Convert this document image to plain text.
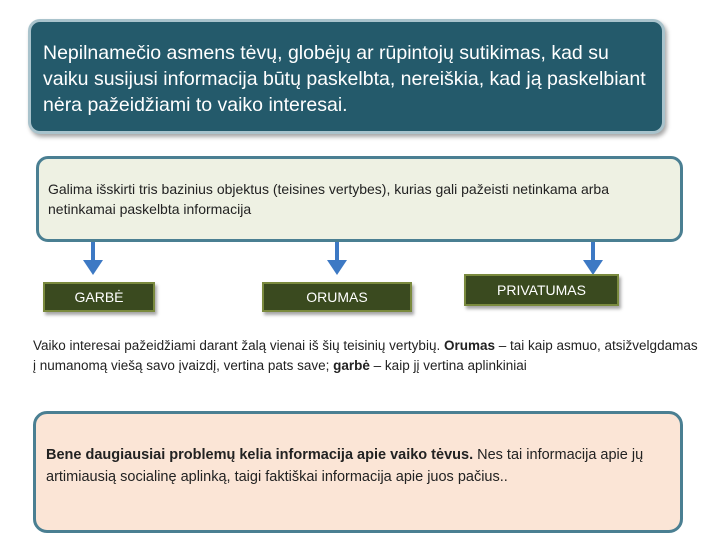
Nepilnamečio asmens tėvų, globėjų ar rūpintojų sutikimas, kad su vaiku susijusi informacija būtų paskelbta, nereiškia, kad ją paskelbiant nėra pažeidžiami to vaiko interesai.
Galima išskirti tris bazinius objektus (teisines vertybes), kurias gali pažeisti netinkama arba netinkamai paskelbta informacija
GARBĖ	ORUMAS	PRIVATUMAS
Vaiko interesai pažeidžiami darant žalą vienai iš šių teisinių vertybių. Orumas – tai kaip asmuo, atsižvelgdamas į numanomą viešą savo įvaizdį, vertina pats save; garbė – kaip jį vertina aplinkiniai
Bene daugiausiai problemų kelia informacija apie vaiko tėvus. Nes tai informacija apie jų artimiausią socialinę aplinką, taigi faktiškai informacija apie juos pačius..
